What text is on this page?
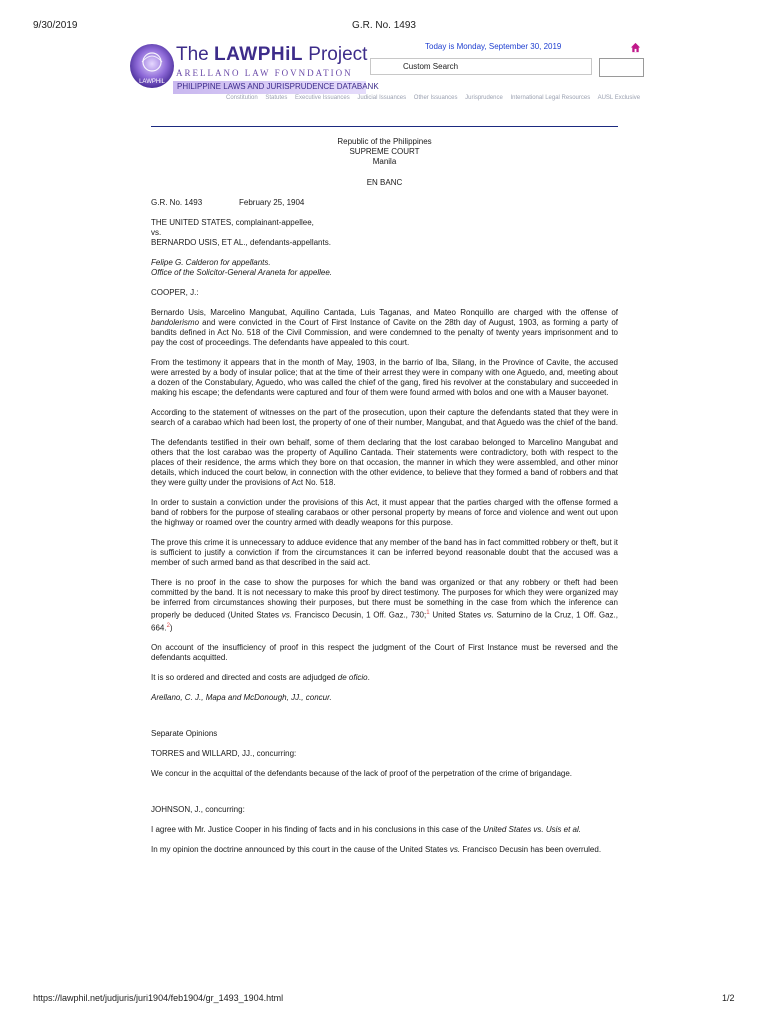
9/30/2019	G.R. No. 1493
LAWPHiL
The LAWPHiL Project
ARELLANO LAW FOVNDATION
PHILIPPINE LAWS AND JURISPRUDENCE DATABANK
Today is Monday, September 30, 2019
Custom Search
Constitution Statutes Executive Issuances Judicial Issuances Other Issuances Jurisprudence International Legal Resources AUSL Exclusive
Republic of the Philippines
SUPREME COURT
Manila
EN BANC
G.R. No. 1493	February 25, 1904
THE UNITED STATES, complainant-appellee,
vs.
BERNARDO USIS, ET AL., defendants-appellants.
Felipe G. Calderon for appellants.
Office of the Solicitor-General Araneta for appellee.
COOPER, J.:

Bernardo Usis, Marcelino Mangubat, Aquilino Cantada, Luis Taganas, and Mateo Ronquillo are charged with the offense of bandolerismo and were convicted in the Court of First Instance of Cavite on the 28th day of August, 1903, as forming a party of bandits defined in Act No. 518 of the Civil Commission, and were condemned to the penalty of twenty years imprisonment and to pay the cost of proceedings. The defendants have appealed to this court.

From the testimony it appears that in the month of May, 1903, in the barrio of Iba, Silang, in the Province of Cavite, the accused were arrested by a body of insular police; that at the time of their arrest they were in company with one Aguedo, and, meeting about a dozen of the Constabulary, Aguedo, who was called the chief of the gang, fired his revolver at the constabulary and succeeded in making his escape; the defendants were captured and four of them were found armed with bolos and one with a Mauser bayonet.

According to the statement of witnesses on the part of the prosecution, upon their capture the defendants stated that they were in search of a carabao which had been lost, the property of one of their number, Mangubat, and that Aguedo was the chief of the band.

The defendants testified in their own behalf, some of them declaring that the lost carabao belonged to Marcelino Mangubat and others that the lost carabao was the property of Aquilino Cantada. Their statements were contradictory, both with respect to the places of their residence, the arms which they bore on that occasion, the manner in which they were assembled, and other minor details, which induced the court below, in connection with the other evidence, to believe that they formed a band of robbers and that they were guilty under the provisions of Act No. 518.

In order to sustain a conviction under the provisions of this Act, it must appear that the parties charged with the offense formed a band of robbers for the purpose of stealing carabaos or other personal property by means of force and violence and went out upon the highway or roamed over the country armed with deadly weapons for this purpose.

The prove this crime it is unnecessary to adduce evidence that any member of the band has in fact committed robbery or theft, but it is sufficient to justify a conviction if from the circumstances it can be inferred beyond reasonable doubt that the accused was a member of such armed band as that described in the said act.

There is no proof in the case to show the purposes for which the band was organized or that any robbery or theft had been committed by the band. It is not necessary to make this proof by direct testimony. The purposes for which they were organized may be inferred from circumstances showing their purposes, but there must be something in the case from which the inference can properly be deduced (United States vs. Francisco Decusin, 1 Off. Gaz., 730;$^1$ United States vs. Saturnino de la Cruz, 1 Off. Gaz., 664.$^2$)

On account of the insufficiency of proof in this respect the judgment of the Court of First Instance must be reversed and the defendants acquitted.

It is so ordered and directed and costs are adjudged de oficio.

Arellano, C. J., Mapa and McDonough, JJ., concur.

Separate Opinions

TORRES and WILLARD, JJ., concurring:

We concur in the acquittal of the defendants because of the lack of proof of the perpetration of the crime of brigandage.

JOHNSON, J., concurring:

I agree with Mr. Justice Cooper in his finding of facts and in his conclusions in this case of the United States vs. Usis et al.

In my opinion the doctrine announced by this court in the cause of the United States vs. Francisco Decusin has been overruled.

https://lawphil.net/judjuris/juri1904/feb1904/gr_1493_1904.html	1/2
